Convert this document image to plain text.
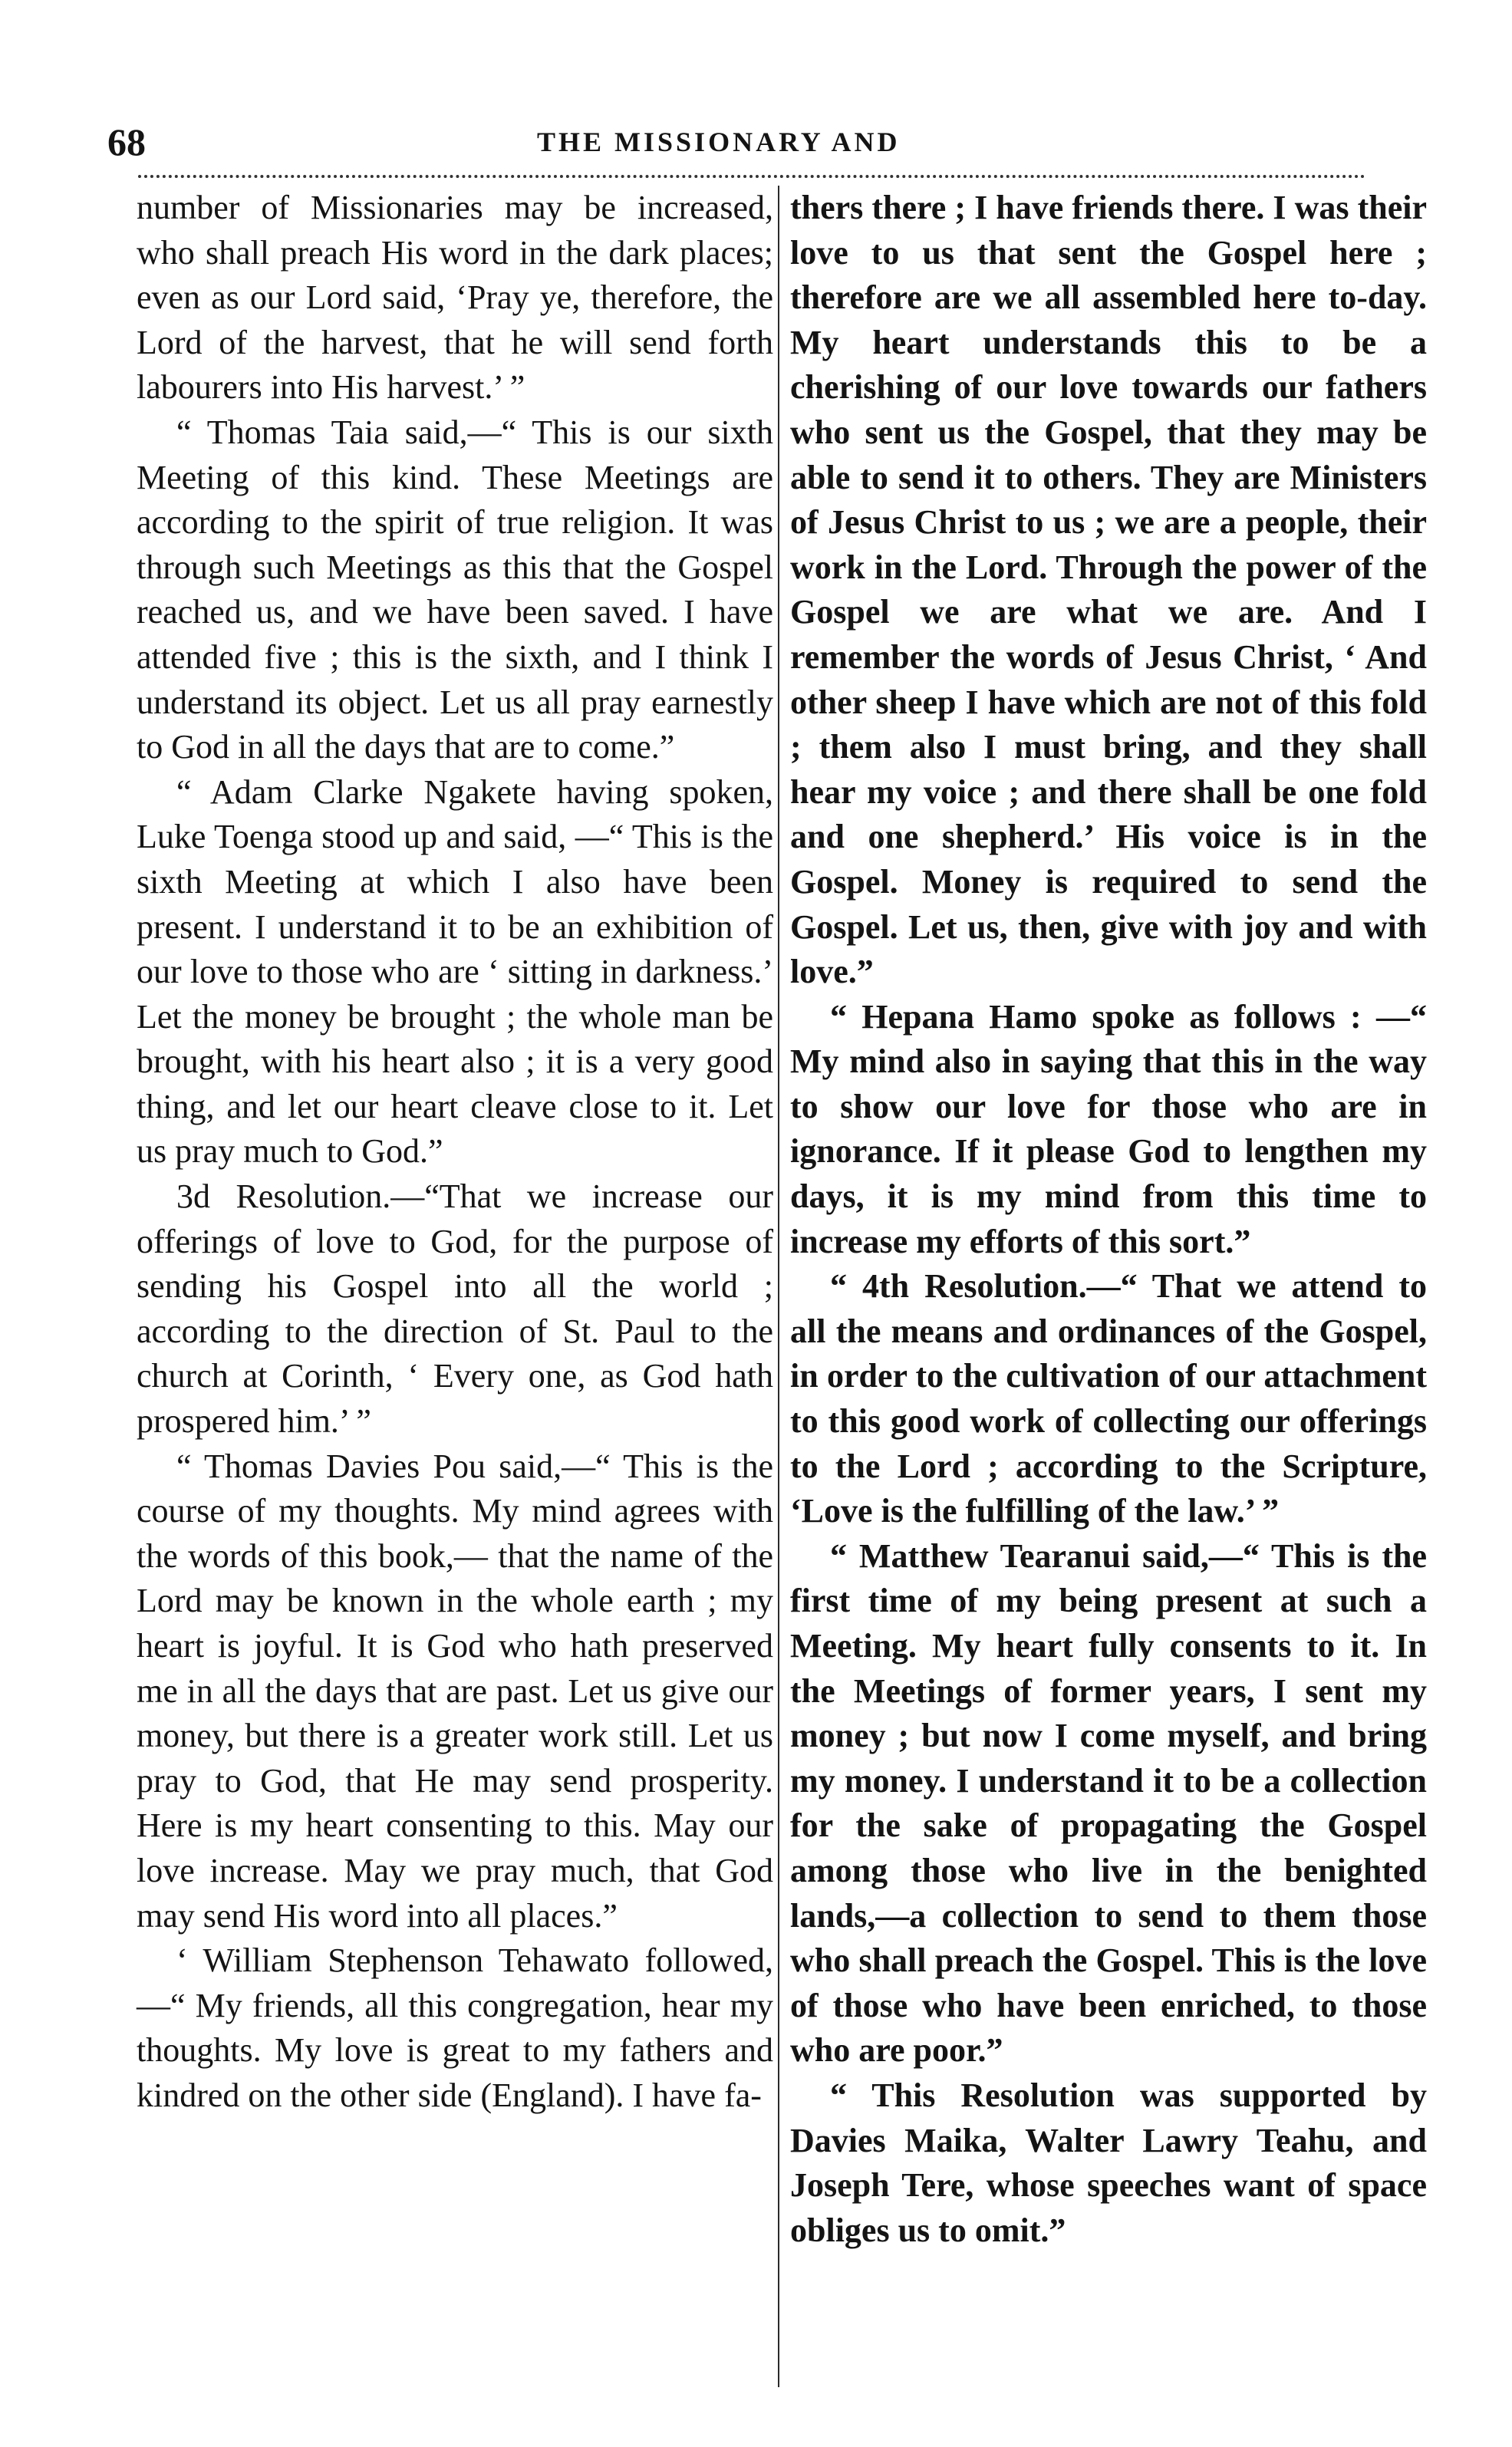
68	THE MISSIONARY AND

number of Missionaries may be increased, who shall preach His word in the dark places; even as our Lord said, ‘Pray ye, therefore, the Lord of the harvest, that he will send forth labourers into His harvest.’ ”

“ Thomas Taia said,—“ This is our sixth Meeting of this kind. These Meetings are according to the spirit of true religion. It was through such Meetings as this that the Gospel reached us, and we have been saved. I have attended five ; this is the sixth, and I think I understand its object. Let us all pray earnestly to God in all the days that are to come.”

“ Adam Clarke Ngakete having spoken, Luke Toenga stood up and said, —“ This is the sixth Meeting at which I also have been present. I understand it to be an exhibition of our love to those who are ‘ sitting in darkness.’ Let the money be brought ; the whole man be brought, with his heart also ; it is a very good thing, and let our heart cleave close to it. Let us pray much to God.”

3d Resolution.—“That we increase our offerings of love to God, for the purpose of sending his Gospel into all the world ; according to the direction of St. Paul to the church at Corinth, ‘ Every one, as God hath prospered him.’ ”

“ Thomas Davies Pou said,—“ This is the course of my thoughts. My mind agrees with the words of this book,— that the name of the Lord may be known in the whole earth ; my heart is joyful. It is God who hath preserved me in all the days that are past. Let us give our money, but there is a greater work still. Let us pray to God, that He may send prosperity. Here is my heart consenting to this. May our love increase. May we pray much, that God may send His word into all places.”

‘ William Stephenson Tehawato followed,—“ My friends, all this congregation, hear my thoughts. My love is great to my fathers and kindred on the other side (England). I have fa-

thers there ; I have friends there. I was their love to us that sent the Gospel here ; therefore are we all assembled here to-day. My heart understands this to be a cherishing of our love towards our fathers who sent us the Gospel, that they may be able to send it to others. They are Ministers of Jesus Christ to us ; we are a people, their work in the Lord. Through the power of the Gospel we are what we are. And I remember the words of Jesus Christ, ‘ And other sheep I have which are not of this fold ; them also I must bring, and they shall hear my voice ; and there shall be one fold and one shepherd.’ His voice is in the Gospel. Money is required to send the Gospel. Let us, then, give with joy and with love.”

“ Hepana Hamo spoke as follows : —“ My mind also in saying that this in the way to show our love for those who are in ignorance. If it please God to lengthen my days, it is my mind from this time to increase my efforts of this sort.”

“ 4th Resolution.—“ That we attend to all the means and ordinances of the Gospel, in order to the cultivation of our attachment to this good work of collecting our offerings to the Lord ; according to the Scripture, ‘Love is the fulfilling of the law.’ ”

“ Matthew Tearanui said,—“ This is the first time of my being present at such a Meeting. My heart fully consents to it. In the Meetings of former years, I sent my money ; but now I come myself, and bring my money. I understand it to be a collection for the sake of propagating the Gospel among those who live in the benighted lands,—a collection to send to them those who shall preach the Gospel. This is the love of those who have been enriched, to those who are poor.”

“ This Resolution was supported by Davies Maika, Walter Lawry Teahu, and Joseph Tere, whose speeches want of space obliges us to omit.”
